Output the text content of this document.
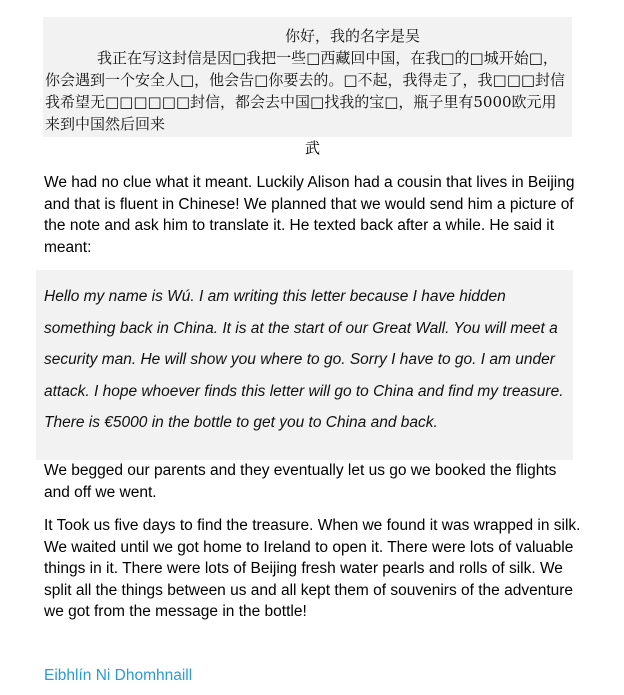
你好，我的名字是吴
我正在写这封信是因□我把一些□西藏回中国，在我□的□城开始□，你会遇到一个安全人□，他会告□你要去的。□不起，我得走了，我□□□封信我希望无□□□□□□封信，都会去中国□找我的宝□，瓶子里有5000欧元用来到中国然后回来
武

We had no clue what it meant. Luckily Alison had a cousin that lives in Beijing and that is fluent in Chinese! We planned that we would send him a picture of the note and ask him to translate it. He texted back after a while. He said it meant:

Hello my name is Wú. I am writing this letter because I have hidden something back in China. It is at the start of our Great Wall. You will meet a security man. He will show you where to go. Sorry I have to go. I am under attack. I hope whoever finds this letter will go to China and find my treasure. There is €5000 in the bottle to get you to China and back.

We begged our parents and they eventually let us go we booked the flights and off we went.

It Took us five days to find the treasure. When we found it was wrapped in silk. We waited until we got home to Ireland to open it. There were lots of valuable things in it. There were lots of Beijing fresh water pearls and rolls of silk. We split all the things between us and all kept them of souvenirs of the adventure we got from the message in the bottle!

Eibhlín Ni Dhomhnaill
